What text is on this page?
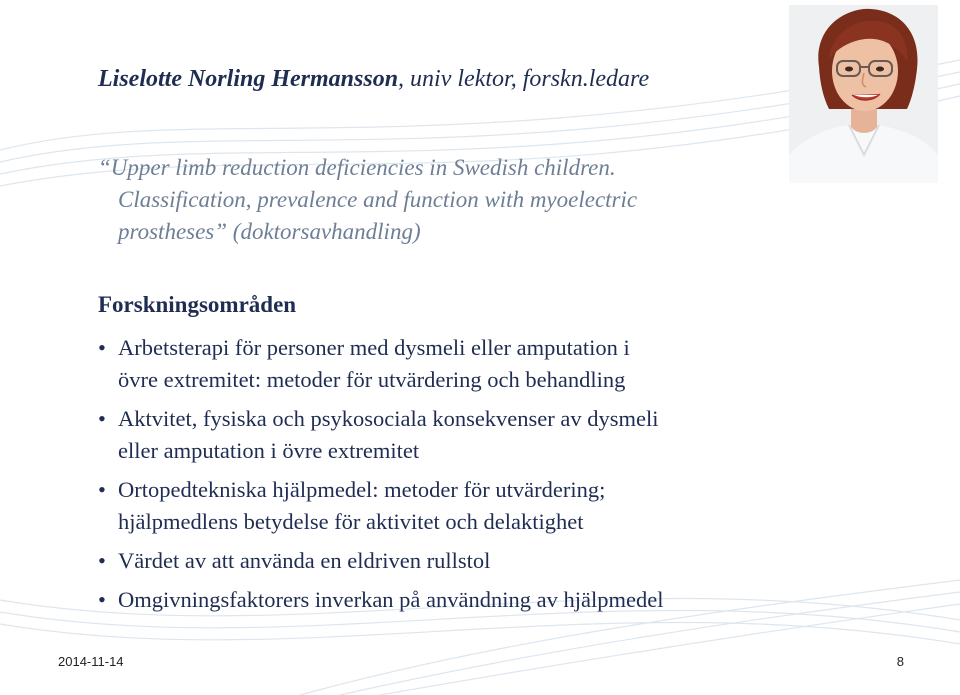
Liselotte Norling Hermansson, univ lektor, forskn.ledare
“Upper limb reduction deficiencies in Swedish children.
Classification, prevalence and function with myoelectric
prostheses” (doktorsavhandling)
Forskningsområden
• Arbetsterapi för personer med dysmeli eller amputation i
övre extremitet: metoder för utvärdering och behandling
• Aktvitet, fysiska och psykosociala konsekvenser av dysmeli
eller amputation i övre extremitet
• Ortopedtekniska hjälpmedel: metoder för utvärdering;
hjälpmedlens betydelse för aktivitet och delaktighet
• Värdet av att använda en eldriven rullstol
• Omgivningsfaktorers inverkan på användning av hjälpmedel
2014-11-14	8
